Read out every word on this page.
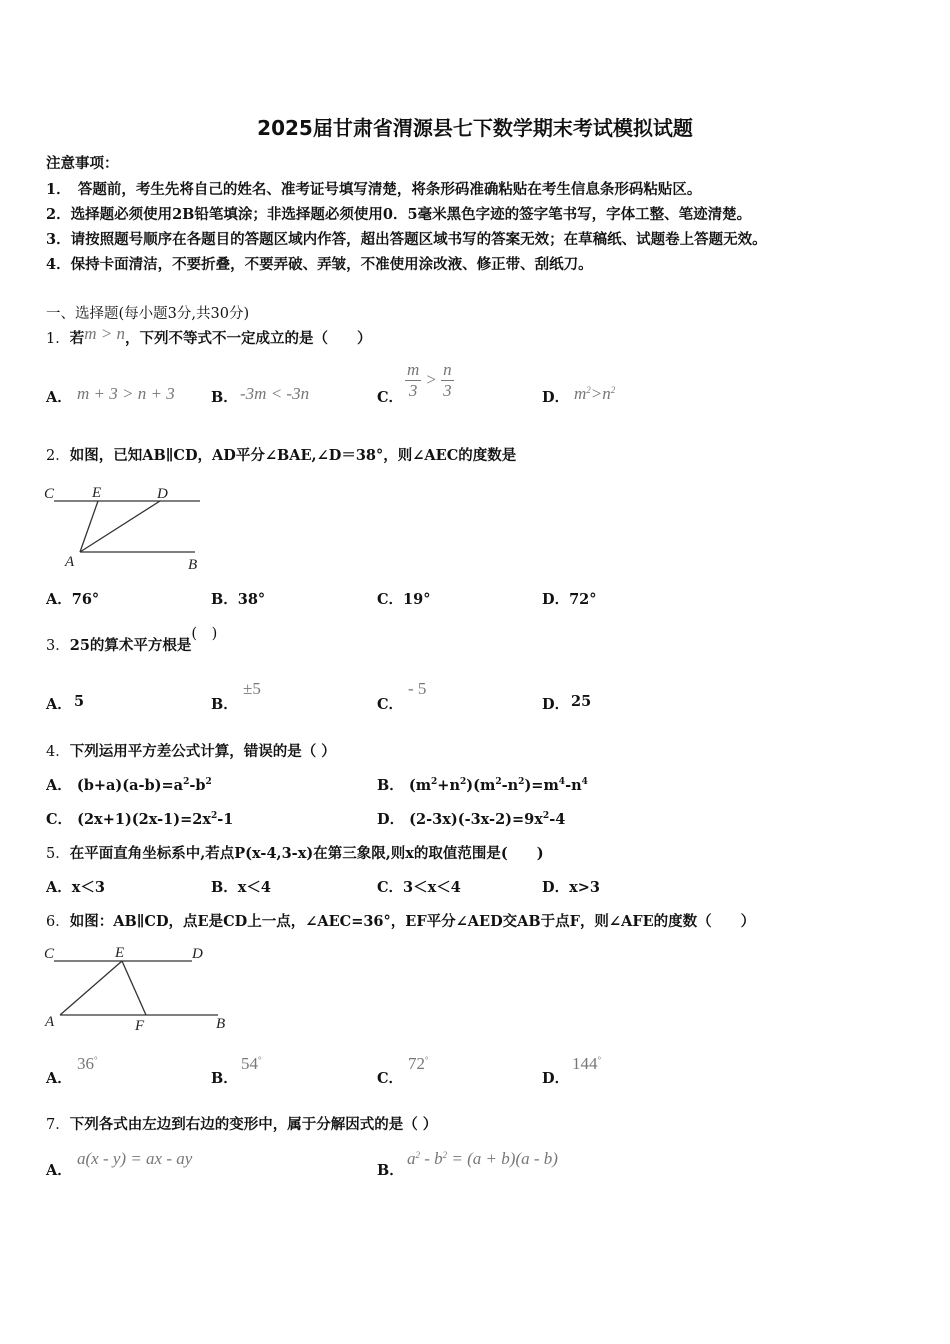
2025届甘肃省渭源县七下数学期末考试模拟试题
注意事项：
1．　答题前，考生先将自己的姓名、准考证号填写清楚，将条形码准确粘贴在考生信息条形码粘贴区。
2．选择题必须使用2B铅笔填涂；非选择题必须使用0．5毫米黑色字迹的签字笔书写，字体工整、笔迹清楚。
3．请按照题号顺序在各题目的答题区域内作答，超出答题区域书写的答案无效；在草稿纸、试题卷上答题无效。
4．保持卡面清洁，不要折叠，不要弄破、弄皱，不准使用涂改液、修正带、刮纸刀。
一、选择题(每小题3分,共30分)
1．若m > n，下列不等式不一定成立的是（　　）
A． m + 3 > n + 3	B． -3m < -3n	C． $\frac{m}{3} > \frac{n}{3}$	D． $m^2>n^2$
2．如图，已知AB∥CD，AD平分∠BAE,∠D＝38°，则∠AEC的度数是
C	E	D
A	B
A．76°	B．38°	C．19°	D．72°
3．25的算术平方根是(　)
A． 5	B．
±5
C．
- 5
D． 25
4．下列运用平方差公式计算，错误的是（ ）
A． $(b+a)(a-b)=a^2-b^2$	B． $(m^2+n^2)(m^2-n^2)=m^4-n^4$
C． $(2x+1)(2x-1)=2x^2-1$	D． $(2-3x)(-3x-2)=9x^2-4$
5．在平面直角坐标系中,若点P(x-4,3-x)在第三象限,则x的取值范围是(　　)
A．x＜3	B．x＜4	C．3＜x＜4	D．x>3
6．如图：AB∥CD，点E是CD上一点，∠AEC=36°，EF平分∠AED交AB于点F，则∠AFE的度数（　　）
C	E	D
A	F	B
A．
36°
B．
54°
C．
72°
D．
144°
7．下列各式由左边到右边的变形中，属于分解因式的是（ ）
A．
a(x - y) = ax - ay
B．
$a^2 - b^2 = (a + b)(a - b)$
